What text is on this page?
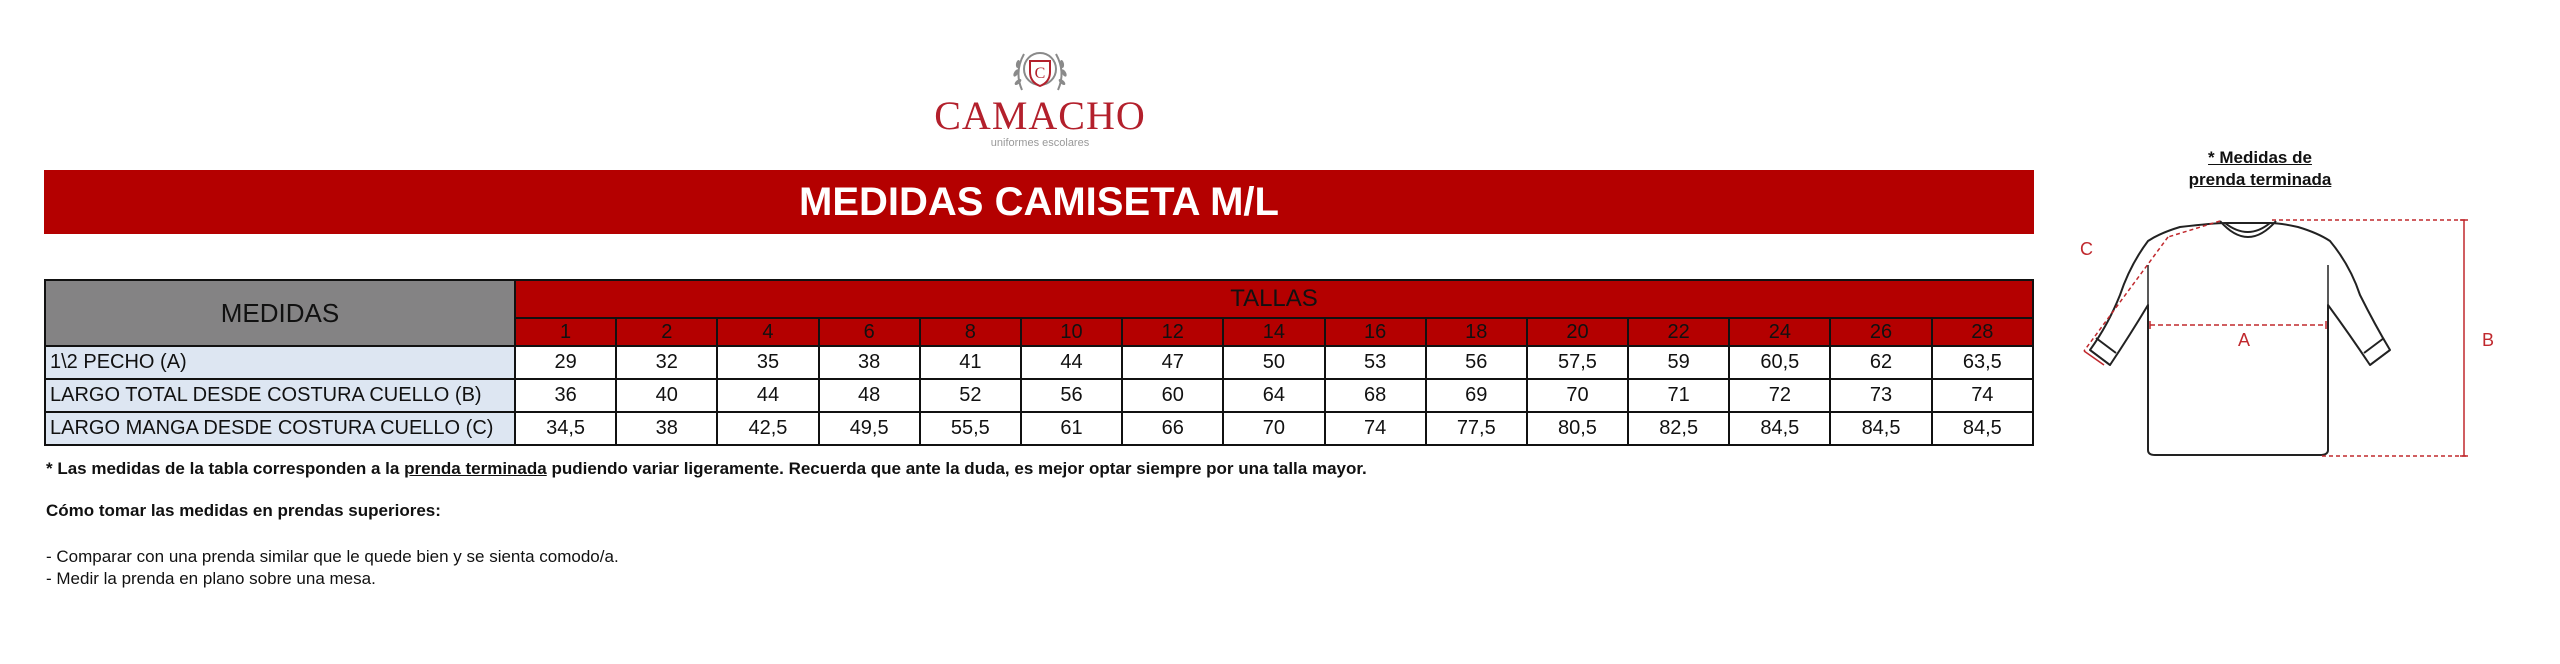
C
CAMACHO
uniformes escolares
MEDIDAS CAMISETA M/L
MEDIDAS	TALLAS														
	1	2	4	6	8	10	12	14	16	18	20	22	24	26	28
1\2 PECHO (A)	29	32	35	38	41	44	47	50	53	56	57,5	59	60,5	62	63,5
LARGO TOTAL DESDE COSTURA CUELLO (B)	36	40	44	48	52	56	60	64	68	69	70	71	72	73	74
LARGO MANGA DESDE COSTURA CUELLO (C)	34,5	38	42,5	49,5	55,5	61	66	70	74	77,5	80,5	82,5	84,5	84,5	84,5
* Las medidas de la tabla corresponden a la prenda terminada pudiendo variar ligeramente. Recuerda que ante la duda, es mejor optar siempre por una talla mayor.
Cómo tomar las medidas en prendas superiores:
- Comparar con una prenda similar que le quede bien y se sienta comodo/a.
- Medir la prenda en plano sobre una mesa.
* Medidas de
prenda terminada
A	B
C
